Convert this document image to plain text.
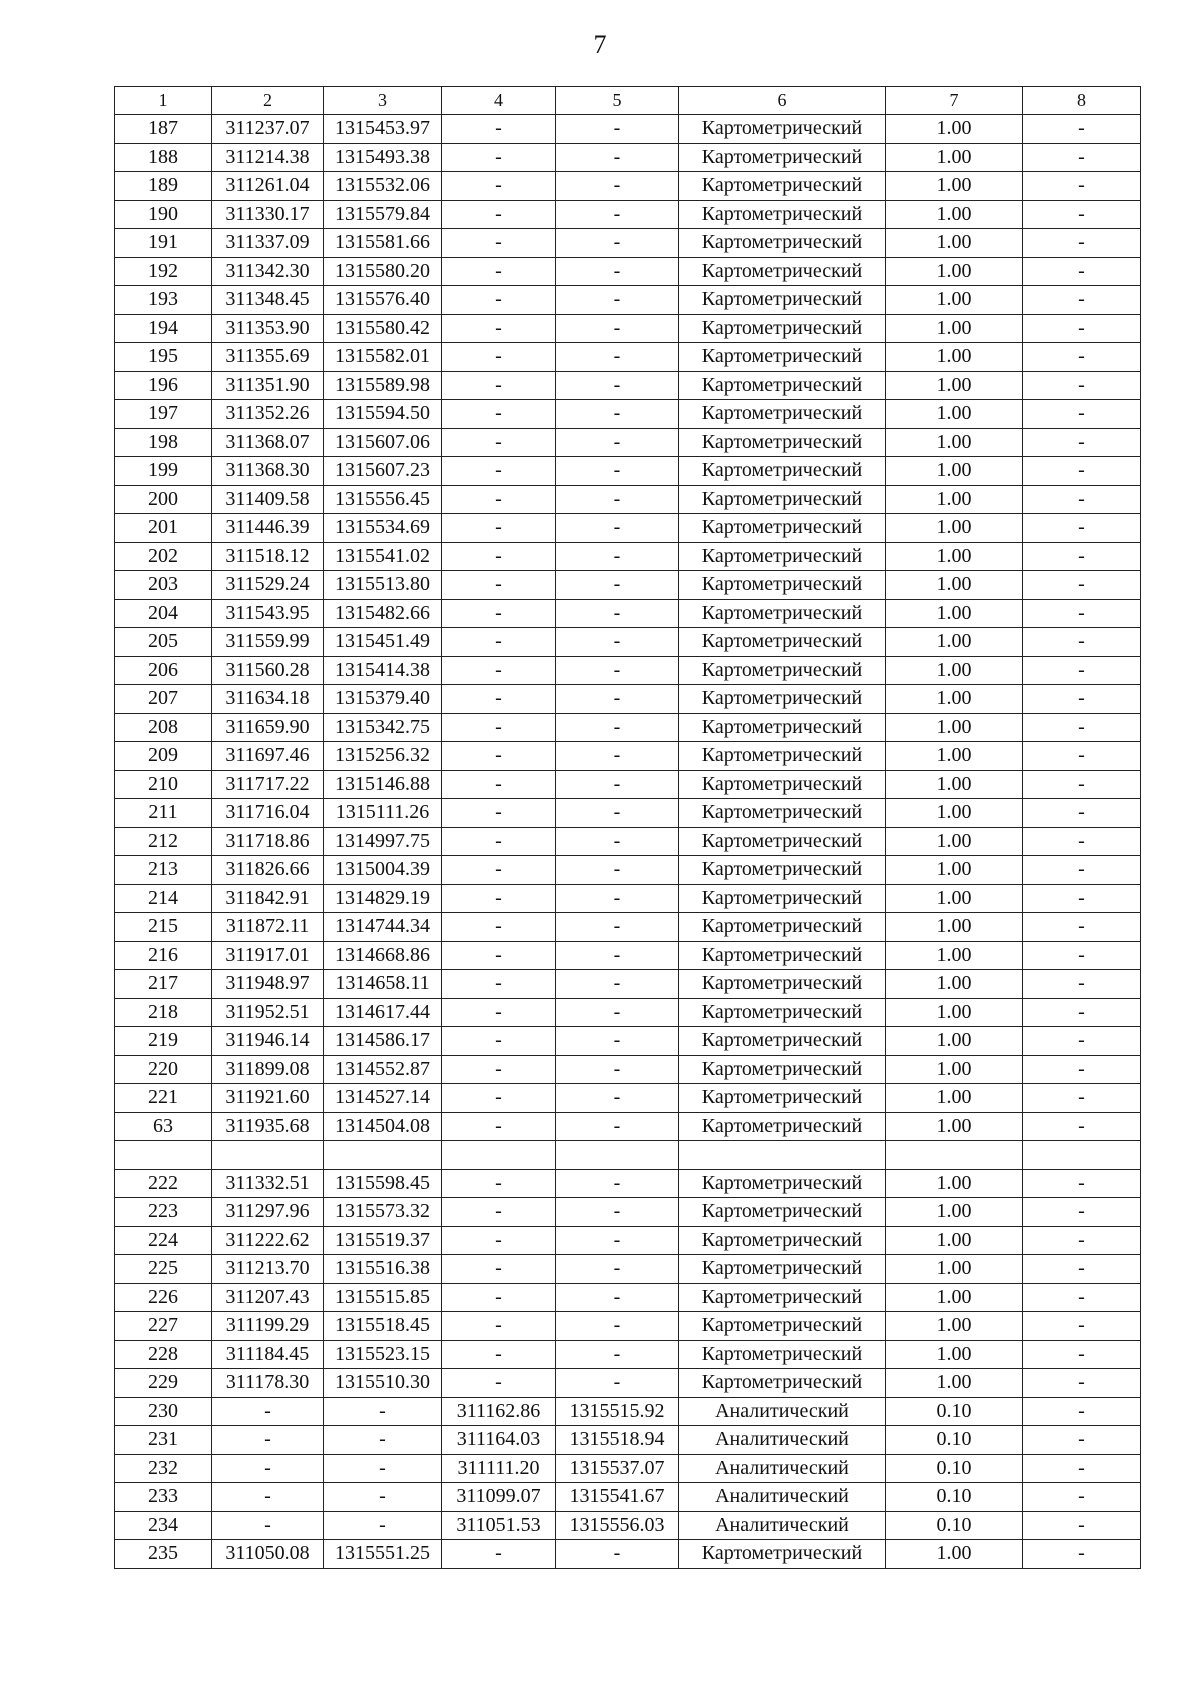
7
1	2	3	4	5	6	7	8
187	311237.07	1315453.97	-	-	Картометрический	1.00	-
188	311214.38	1315493.38	-	-	Картометрический	1.00	-
189	311261.04	1315532.06	-	-	Картометрический	1.00	-
190	311330.17	1315579.84	-	-	Картометрический	1.00	-
191	311337.09	1315581.66	-	-	Картометрический	1.00	-
192	311342.30	1315580.20	-	-	Картометрический	1.00	-
193	311348.45	1315576.40	-	-	Картометрический	1.00	-
194	311353.90	1315580.42	-	-	Картометрический	1.00	-
195	311355.69	1315582.01	-	-	Картометрический	1.00	-
196	311351.90	1315589.98	-	-	Картометрический	1.00	-
197	311352.26	1315594.50	-	-	Картометрический	1.00	-
198	311368.07	1315607.06	-	-	Картометрический	1.00	-
199	311368.30	1315607.23	-	-	Картометрический	1.00	-
200	311409.58	1315556.45	-	-	Картометрический	1.00	-
201	311446.39	1315534.69	-	-	Картометрический	1.00	-
202	311518.12	1315541.02	-	-	Картометрический	1.00	-
203	311529.24	1315513.80	-	-	Картометрический	1.00	-
204	311543.95	1315482.66	-	-	Картометрический	1.00	-
205	311559.99	1315451.49	-	-	Картометрический	1.00	-
206	311560.28	1315414.38	-	-	Картометрический	1.00	-
207	311634.18	1315379.40	-	-	Картометрический	1.00	-
208	311659.90	1315342.75	-	-	Картометрический	1.00	-
209	311697.46	1315256.32	-	-	Картометрический	1.00	-
210	311717.22	1315146.88	-	-	Картометрический	1.00	-
211	311716.04	1315111.26	-	-	Картометрический	1.00	-
212	311718.86	1314997.75	-	-	Картометрический	1.00	-
213	311826.66	1315004.39	-	-	Картометрический	1.00	-
214	311842.91	1314829.19	-	-	Картометрический	1.00	-
215	311872.11	1314744.34	-	-	Картометрический	1.00	-
216	311917.01	1314668.86	-	-	Картометрический	1.00	-
217	311948.97	1314658.11	-	-	Картометрический	1.00	-
218	311952.51	1314617.44	-	-	Картометрический	1.00	-
219	311946.14	1314586.17	-	-	Картометрический	1.00	-
220	311899.08	1314552.87	-	-	Картометрический	1.00	-
221	311921.60	1314527.14	-	-	Картометрический	1.00	-
63	311935.68	1314504.08	-	-	Картометрический	1.00	-

222	311332.51	1315598.45	-	-	Картометрический	1.00	-
223	311297.96	1315573.32	-	-	Картометрический	1.00	-
224	311222.62	1315519.37	-	-	Картометрический	1.00	-
225	311213.70	1315516.38	-	-	Картометрический	1.00	-
226	311207.43	1315515.85	-	-	Картометрический	1.00	-
227	311199.29	1315518.45	-	-	Картометрический	1.00	-
228	311184.45	1315523.15	-	-	Картометрический	1.00	-
229	311178.30	1315510.30	-	-	Картометрический	1.00	-
230	-	-	311162.86	1315515.92	Аналитический	0.10	-
231	-	-	311164.03	1315518.94	Аналитический	0.10	-
232	-	-	311111.20	1315537.07	Аналитический	0.10	-
233	-	-	311099.07	1315541.67	Аналитический	0.10	-
234	-	-	311051.53	1315556.03	Аналитический	0.10	-
235	311050.08	1315551.25	-	-	Картометрический	1.00	-
